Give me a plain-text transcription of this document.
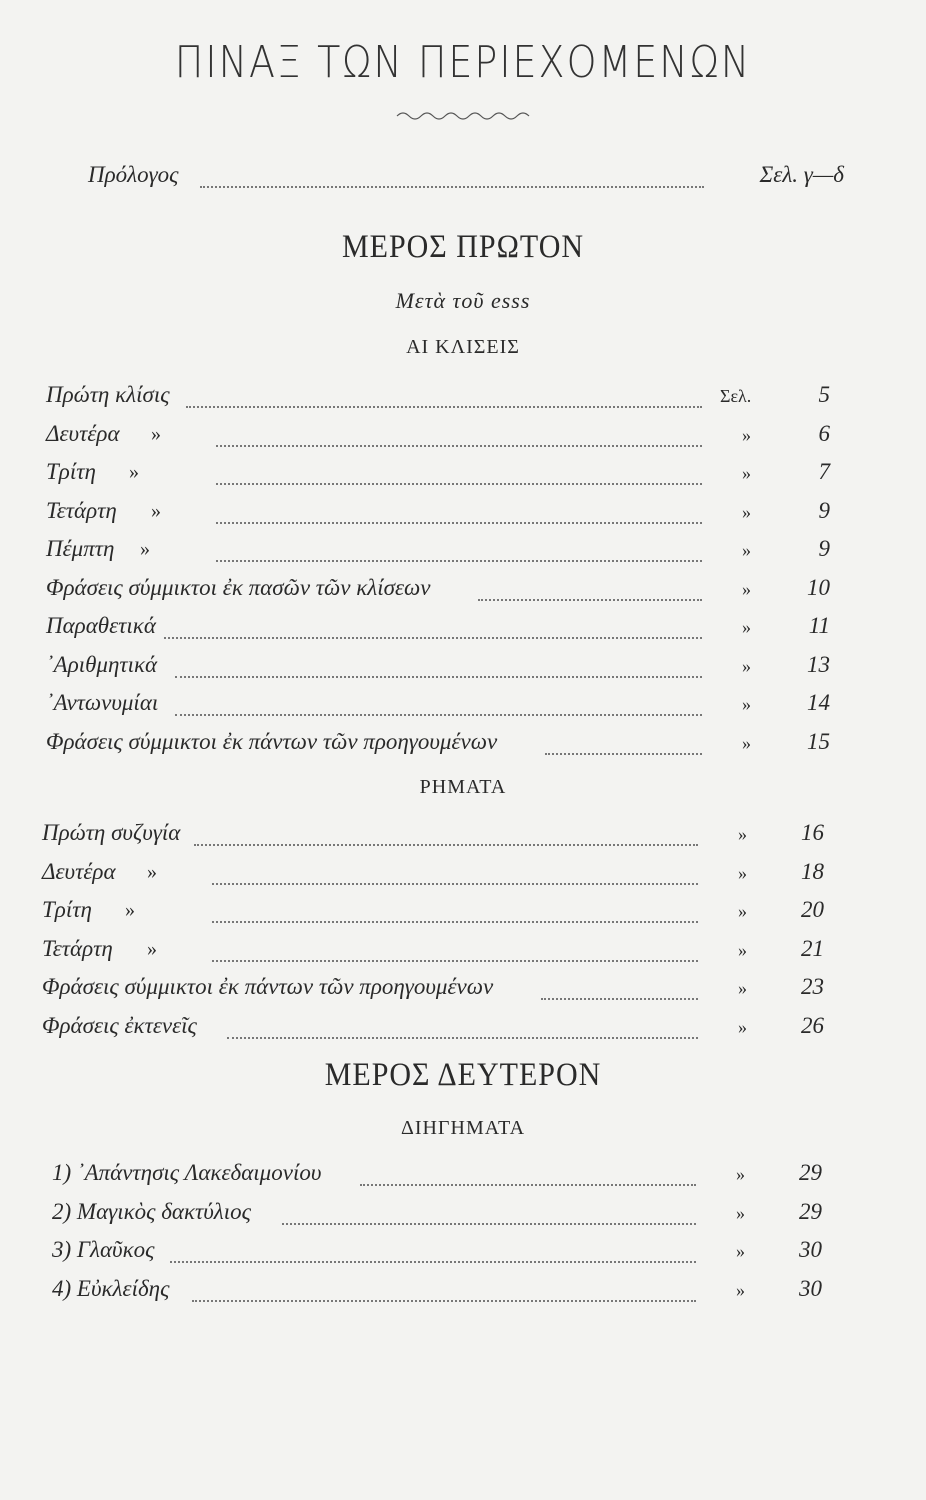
ΠΙΝΑΞ ΤΩΝ ΠΕΡΙΕΧΟΜΕΝΩΝ
Πρόλογος	Σελ. γ—δ
ΜΕΡΟΣ ΠΡΩΤΟΝ
Μετὰ τοῦ esss
ΑΙ ΚΛΙΣΕΙΣ
Πρώτη κλίσις	Σελ.	5
Δευτέρα »	»	6
Τρίτη »	»	7
Τετάρτη »	»	9
Πέμπτη »	»	9
Φράσεις σύμμικτοι ἐκ πασῶν τῶν κλίσεων	» 10
Παραθετικά	»	11
᾿Αριθμητικά	» 13
᾿Αντωνυμίαι	» 14
Φράσεις σύμμικτοι ἐκ πάντων τῶν προηγουμένων	» 15
ΡΗΜΑΤΑ
Πρώτη συζυγία	» 16
Δευτέρα »	» 18
Τρίτη »	» 20
Τετάρτη »	» 21
Φράσεις σύμμικτοι ἐκ πάντων τῶν προηγουμένων	» 23
Φράσεις ἐκτενεῖς	» 26
ΜΕΡΟΣ ΔΕΥΤΕΡΟΝ
ΔΙΗΓΗΜΑΤΑ
1) ᾿Απάντησις Λακεδαιμονίου	» 29
2) Μαγικὸς δακτύλιος	» 29
3) Γλαῦκος	» 30
4) Εὐκλείδης	» 30
